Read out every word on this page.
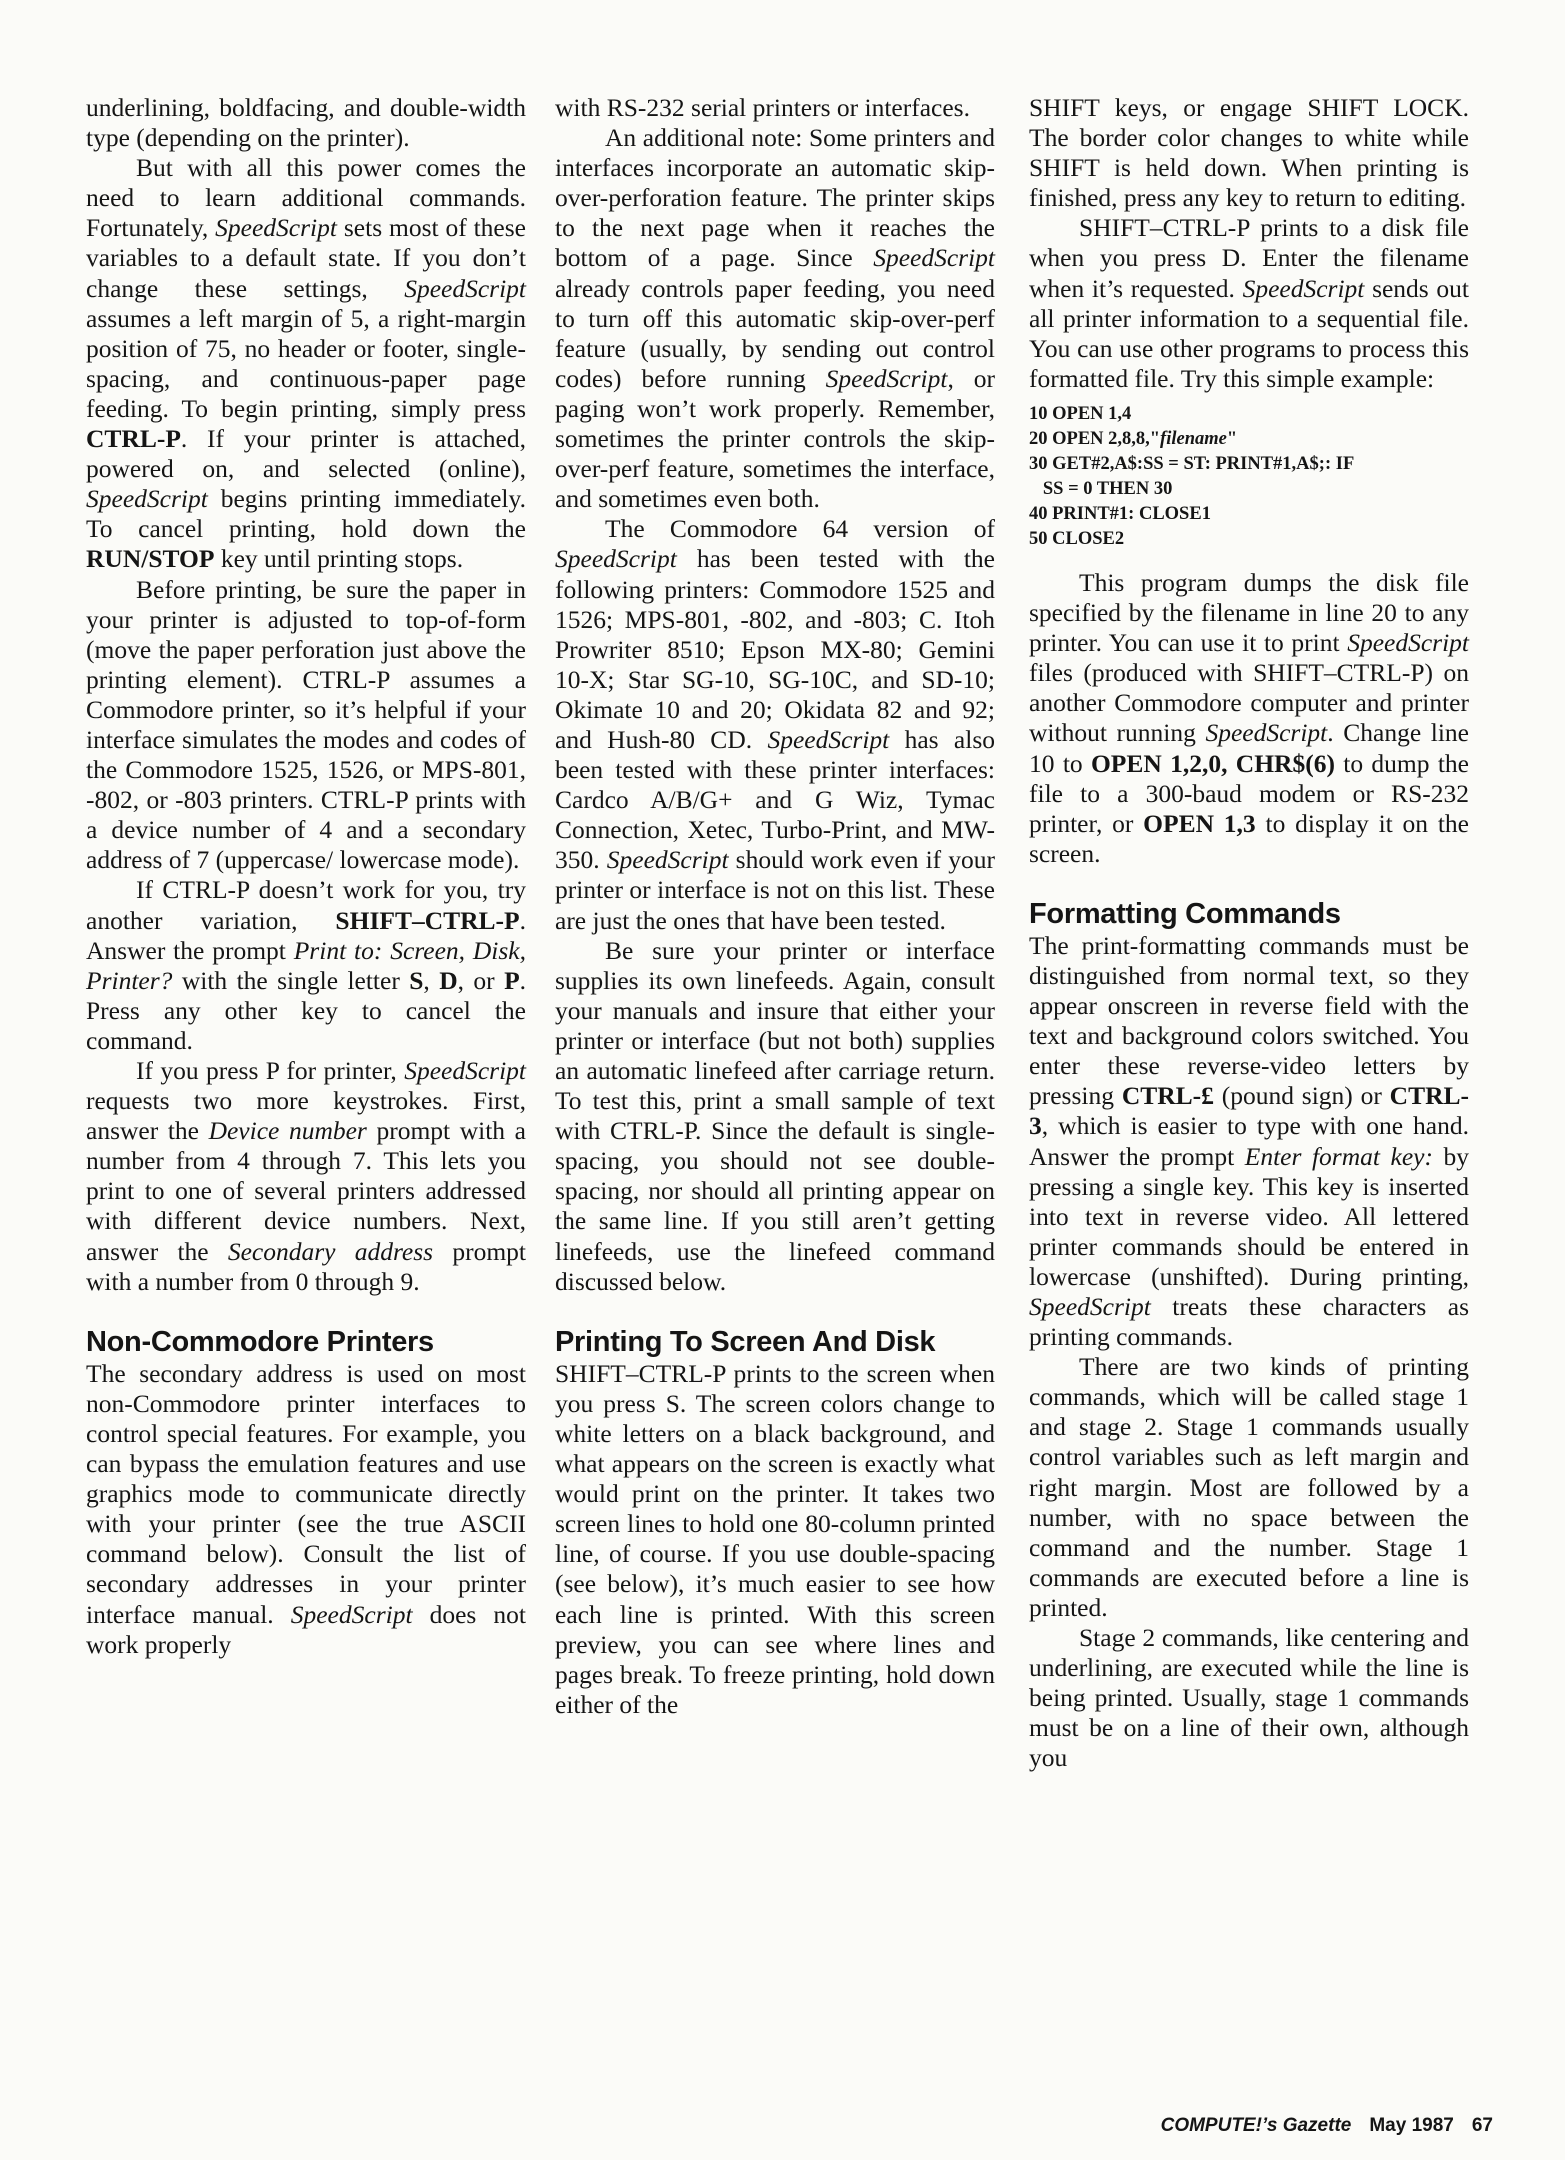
underlining, boldfacing, and double-width type (depending on the printer).

But with all this power comes the need to learn additional commands. Fortunately, SpeedScript sets most of these variables to a default state. If you don’t change these settings, SpeedScript assumes a left margin of 5, a right-margin position of 75, no header or footer, single-spacing, and continuous-paper page feeding. To begin printing, simply press CTRL-P. If your printer is attached, powered on, and selected (online), SpeedScript begins printing immediately. To cancel printing, hold down the RUN/STOP key until printing stops.

Before printing, be sure the paper in your printer is adjusted to top-of-form (move the paper perforation just above the printing element). CTRL-P assumes a Commodore printer, so it’s helpful if your interface simulates the modes and codes of the Commodore 1525, 1526, or MPS-801, -802, or -803 printers. CTRL-P prints with a device number of 4 and a secondary address of 7 (uppercase/ lowercase mode).

If CTRL-P doesn’t work for you, try another variation, SHIFT–CTRL-P. Answer the prompt Print to: Screen, Disk, Printer? with the single letter S, D, or P. Press any other key to cancel the command.

If you press P for printer, SpeedScript requests two more keystrokes. First, answer the Device number prompt with a number from 4 through 7. This lets you print to one of several printers addressed with different device numbers. Next, answer the Secondary address prompt with a number from 0 through 9.

Non-Commodore Printers

The secondary address is used on most non-Commodore printer interfaces to control special features. For example, you can bypass the emulation features and use graphics mode to communicate directly with your printer (see the true ASCII command below). Consult the list of secondary addresses in your printer interface manual. SpeedScript does not work properly

with RS-232 serial printers or interfaces.

An additional note: Some printers and interfaces incorporate an automatic skip-over-perforation feature. The printer skips to the next page when it reaches the bottom of a page. Since SpeedScript already controls paper feeding, you need to turn off this automatic skip-over-perf feature (usually, by sending out control codes) before running SpeedScript, or paging won’t work properly. Remember, sometimes the printer controls the skip-over-perf feature, sometimes the interface, and sometimes even both.

The Commodore 64 version of SpeedScript has been tested with the following printers: Commodore 1525 and 1526; MPS-801, -802, and -803; C. Itoh Prowriter 8510; Epson MX-80; Gemini 10-X; Star SG-10, SG-10C, and SD-10; Okimate 10 and 20; Okidata 82 and 92; and Hush-80 CD. SpeedScript has also been tested with these printer interfaces: Cardco A/B/G+ and G Wiz, Tymac Connection, Xetec, Turbo-Print, and MW-350. SpeedScript should work even if your printer or interface is not on this list. These are just the ones that have been tested.

Be sure your printer or interface supplies its own linefeeds. Again, consult your manuals and insure that either your printer or interface (but not both) supplies an automatic linefeed after carriage return. To test this, print a small sample of text with CTRL-P. Since the default is single-spacing, you should not see double-spacing, nor should all printing appear on the same line. If you still aren’t getting linefeeds, use the linefeed command discussed below.

Printing To Screen And Disk

SHIFT–CTRL-P prints to the screen when you press S. The screen colors change to white letters on a black background, and what appears on the screen is exactly what would print on the printer. It takes two screen lines to hold one 80-column printed line, of course. If you use double-spacing (see below), it’s much easier to see how each line is printed. With this screen preview, you can see where lines and pages break. To freeze printing, hold down either of the

SHIFT keys, or engage SHIFT LOCK. The border color changes to white while SHIFT is held down. When printing is finished, press any key to return to editing.

SHIFT–CTRL-P prints to a disk file when you press D. Enter the filename when it’s requested. SpeedScript sends out all printer information to a sequential file. You can use other programs to process this formatted file. Try this simple example:

10 OPEN 1,4
20 OPEN 2,8,8,"filename"
30 GET#2,A$:SS = ST: PRINT#1,A$;: IF
SS = 0 THEN 30
40 PRINT#1: CLOSE1
50 CLOSE2

This program dumps the disk file specified by the filename in line 20 to any printer. You can use it to print SpeedScript files (produced with SHIFT–CTRL-P) on another Commodore computer and printer without running SpeedScript. Change line 10 to OPEN 1,2,0, CHR$(6) to dump the file to a 300-baud modem or RS-232 printer, or OPEN 1,3 to display it on the screen.

Formatting Commands

The print-formatting commands must be distinguished from normal text, so they appear onscreen in reverse field with the text and background colors switched. You enter these reverse-video letters by pressing CTRL-£ (pound sign) or CTRL-3, which is easier to type with one hand. Answer the prompt Enter format key: by pressing a single key. This key is inserted into text in reverse video. All lettered printer commands should be entered in lowercase (unshifted). During printing, SpeedScript treats these characters as printing commands.

There are two kinds of printing commands, which will be called stage 1 and stage 2. Stage 1 commands usually control variables such as left margin and right margin. Most are followed by a number, with no space between the command and the number. Stage 1 commands are executed before a line is printed.

Stage 2 commands, like centering and underlining, are executed while the line is being printed. Usually, stage 1 commands must be on a line of their own, although you

COMPUTE!’s Gazette May 1987 67
